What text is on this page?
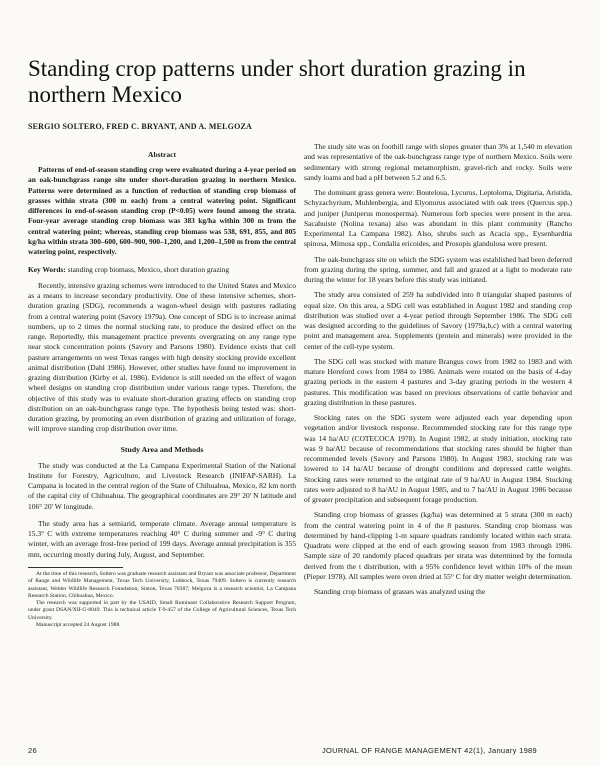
Standing crop patterns under short duration grazing in northern Mexico
SERGIO SOLTERO, FRED C. BRYANT, AND A. MELGOZA
Abstract

Patterns of end-of-season standing crop were evaluated during a 4-year period on an oak-bunchgrass range site under short-duration grazing in northern Mexico. Patterns were determined as a function of reduction of standing crop biomass of grasses within strata (300 m each) from a central watering point. Significant differences in end-of-season standing crop (P<0.05) were found among the strata. Four-year average standing crop biomass was 383 kg/ha within 300 m from the central watering point; whereas, standing crop biomass was 538, 691, 855, and 805 kg/ha within strata 300–600, 600–900, 900–1,200, and 1,200–1,500 m from the central watering point, respectively.

Key Words: standing crop biomass, Mexico, short duration grazing

Recently, intensive grazing schemes were introduced to the United States and Mexico as a means to increase secondary productivity. One of these intensive schemes, short-duration grazing (SDG), recommends a wagon-wheel design with pastures radiating from a central watering point (Savory 1979a). One concept of SDG is to increase animal numbers, up to 2 times the normal stocking rate, to produce the desired effect on the range. Reportedly, this management practice prevents overgrazing on any range type near stock concentration points (Savory and Parsons 1980). Evidence exists that cell pasture arrangements on west Texas ranges with high density stocking provide excellent animal distribution (Dahl 1986). However, other studies have found no improvement in grazing distribution (Kirby et al. 1986). Evidence is still needed on the effect of wagon wheel designs on standing crop distribution under various range types. Therefore, the objective of this study was to evaluate short-duration grazing effects on standing crop distribution on an oak-bunchgrass range type. The hypothesis being tested was: short-duration grazing, by promoting an even distribution of grazing and utilization of forage, will improve standing crop distribution over time.

Study Area and Methods

The study was conducted at the La Campana Experimental Station of the National Institute for Forestry, Agriculture, and Livestock Research (INIFAP-SARH). La Campana is located in the central region of the State of Chihuahua, Mexico, 82 km north of the capital city of Chihuahua. The geographical coordinates are 29° 20' N latitude and 106° 20' W longitude.

The study area has a semiarid, temperate climate. Average annual temperature is 15.3° C with extreme temperatures reaching 40° C during summer and -9° C during winter, with an average frost-free period of 199 days. Average annual precipitation is 355 mm, occurring mostly during July, August, and September.

At the time of this research, Soltero was graduate research assistant and Bryant was associate professor, Department of Range and Wildlife Management, Texas Tech University, Lubbock, Texas 79409. Soltero is currently research assistant, Welder Wildlife Research Foundation, Sinton, Texas 78387; Melgoza is a research scientist, La Campana Research Station, Chihuahua, Mexico.

The research was supported in part by the USAID, Small Ruminant Collaborative Research Support Program, under grant DSAN/XII-G-0049. This is technical article T-9-457 of the College of Agricultural Sciences, Texas Tech University.

Manuscript accepted 24 August 1988.

The study site was on foothill range with slopes greater than 3% at 1,540 m elevation and was representative of the oak-bunchgrass range type of northern Mexico. Soils were sedimentary with strong regional metamorphism, gravel-rich and rocky. Soils were sandy loams and had a pH between 5.2 and 6.5.

The dominant grass genera were: Bouteloua, Lycurus, Leptoloma, Digitaria, Aristida, Schyzachyrium, Muhlenbergia, and Elyonurus associated with oak trees (Quercus spp.) and juniper (Juniperus monosperma). Numerous forb species were present in the area. Sacahuiste (Nolina texana) also was abundant in this plant community (Rancho Experimental La Campana 1982). Also, shrubs such as Acacia spp., Eysenhardtia spinosa, Mimosa spp., Condalia ericoides, and Prosopis glandulosa were present.

The oak-bunchgrass site on which the SDG system was established had been deferred from grazing during the spring, summer, and fall and grazed at a light to moderate rate during the winter for 18 years before this study was initiated.

The study area consisted of 259 ha subdivided into 8 triangular shaped pastures of equal size. On this area, a SDG cell was established in August 1982 and standing crop distribution was studied over a 4-year period through September 1986. The SDG cell was designed according to the guidelines of Savory (1979a,b,c) with a central watering point and management area. Supplements (protein and minerals) were provided in the center of the cell-type system.

The SDG cell was stocked with mature Brangus cows from 1982 to 1983 and with mature Hereford cows from 1984 to 1986. Animals were rotated on the basis of 4-day grazing periods in the eastern 4 pastures and 3-day grazing periods in the western 4 pastures. This modification was based on previous observations of cattle behavior and grazing distribution in these pastures.

Stocking rates on the SDG system were adjusted each year depending upon vegetation and/or livestock response. Recommended stocking rate for this range type was 14 ha/AU (COTECOCA 1978). In August 1982, at study initiation, stocking rate was 9 ha/AU because of recommendations that stocking rates should be higher than recommended levels (Savory and Parsons 1980). In August 1983, stocking rate was lowered to 14 ha/AU because of drought conditions and depressed cattle weights. Stocking rates were returned to the original rate of 9 ha/AU in August 1984. Stocking rates were adjusted to 8 ha/AU in August 1985, and to 7 ha/AU in August 1986 because of greater precipitation and subsequent forage production.

Standing crop biomass of grasses (kg/ha) was determined at 5 strata (300 m each) from the central watering point in 4 of the 8 pastures. Standing crop biomass was determined by hand-clipping 1-m square quadrats randomly located within each strata. Quadrats were clipped at the end of each growing season from 1983 through 1986. Sample size of 20 randomly placed quadrats per strata was determined by the formula derived from the t distribution, with a 95% confidence level within 10% of the mean (Pieper 1978). All samples were oven dried at 55° C for dry matter weight determination.

Standing crop biomass of grasses was analyzed using the

26	JOURNAL OF RANGE MANAGEMENT 42(1), January 1989
